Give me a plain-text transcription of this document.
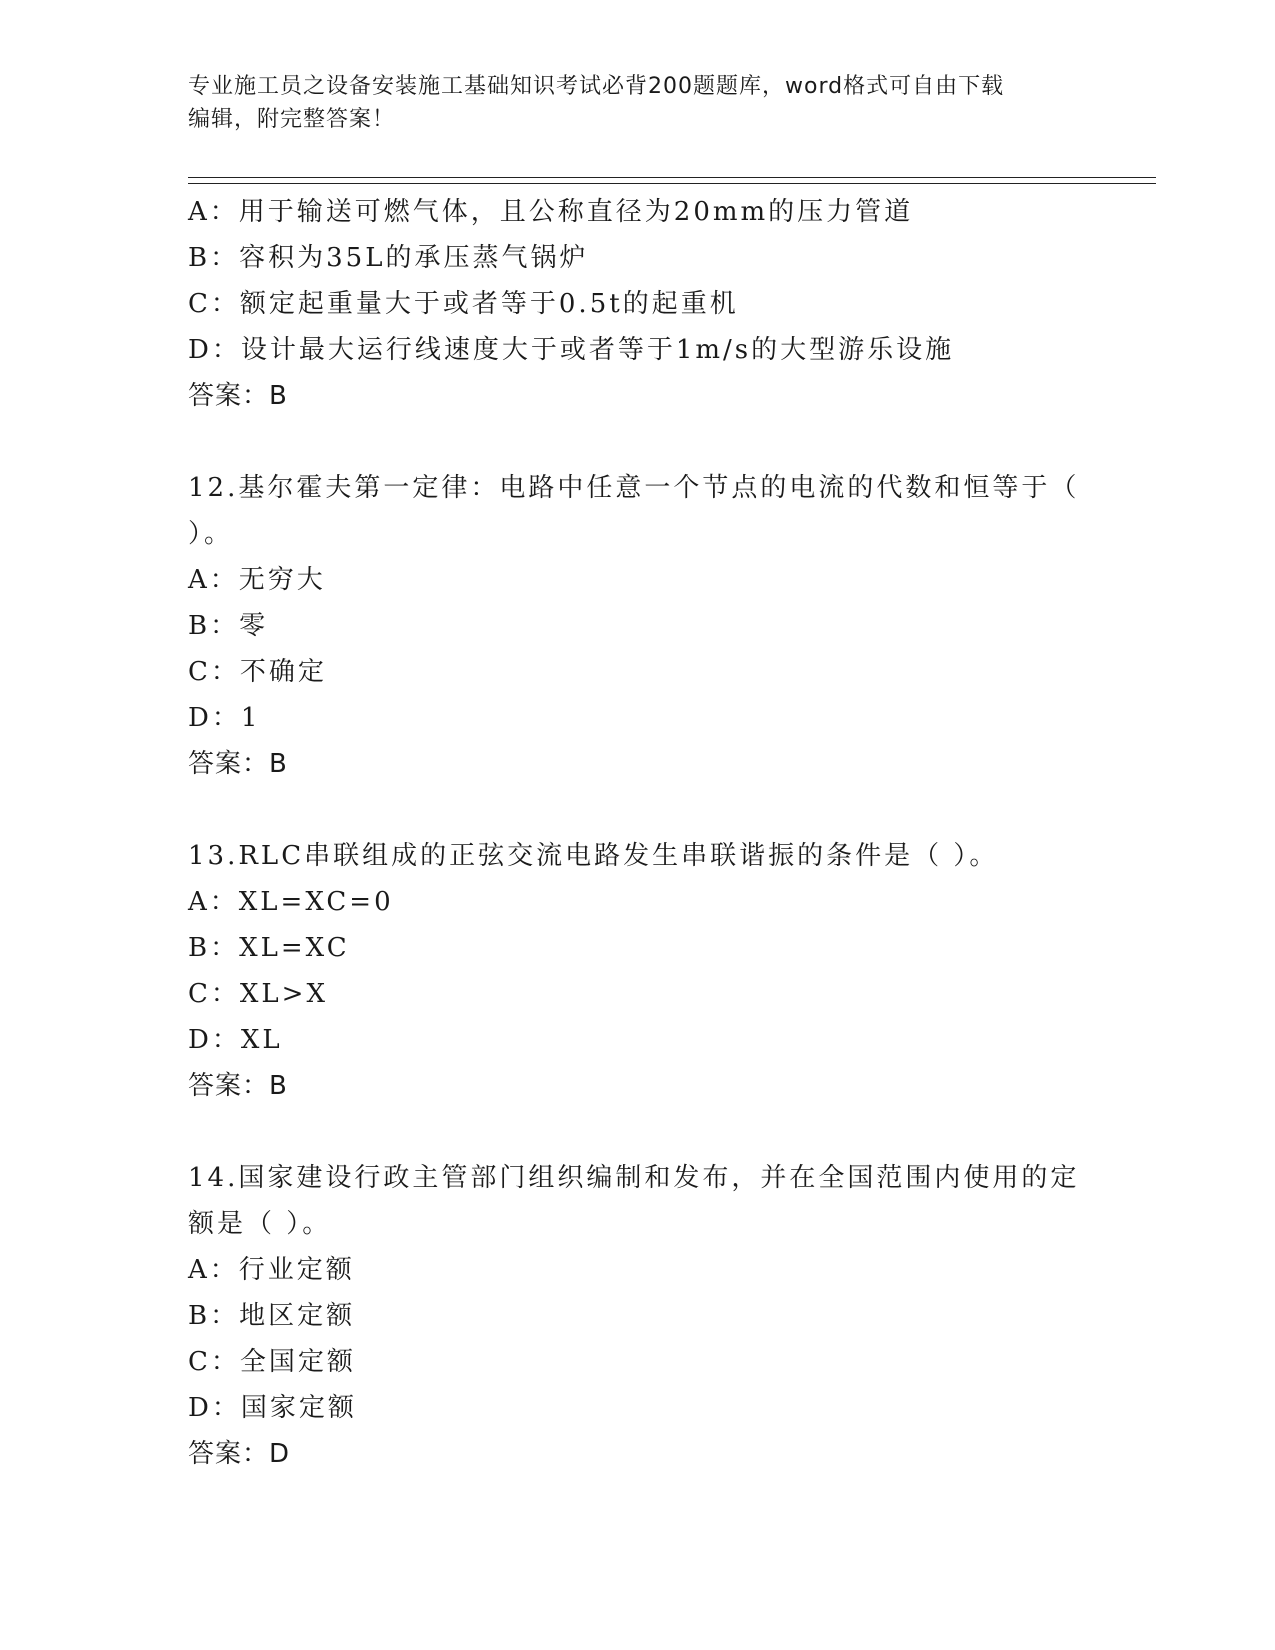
专业施工员之设备安装施工基础知识考试必背200题题库，word格式可自由下载
编辑，附完整答案！
A：用于输送可燃气体，且公称直径为20mm的压力管道
B：容积为35L的承压蒸气锅炉
C：额定起重量大于或者等于0.5t的起重机
D：设计最大运行线速度大于或者等于1m/s的大型游乐设施
答案：B
12.基尔霍夫第一定律：电路中任意一个节点的电流的代数和恒等于（
）。
A：无穷大
B：零
C：不确定
D：1
答案：B
13.RLC串联组成的正弦交流电路发生串联谐振的条件是（ ）。
A：XL=XC=0
B：XL=XC
C：XL>X
D：XL
答案：B
14.国家建设行政主管部门组织编制和发布，并在全国范围内使用的定
额是（ ）。
A：行业定额
B：地区定额
C：全国定额
D：国家定额
答案：D
